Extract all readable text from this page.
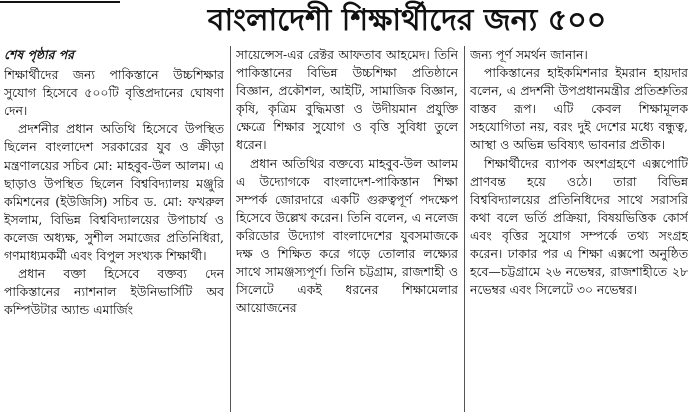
বাংলাদেশী শিক্ষার্থীদের জন্য ৫০০
শেষ পৃষ্ঠার পর
শিক্ষার্থীদের জন্য পাকিস্তানে উচ্চশিক্ষার সুযোগ হিসেবে ৫০০টি বৃত্তিপ্রদানের ঘোষণা দেন।
প্রদর্শনীর প্রধান অতিথি হিসেবে উপস্থিত ছিলেন বাংলাদেশ সরকারের যুব ও ক্রীড়া মন্ত্রণালয়ের সচিব মো: মাহবুব-উল আলম। এ ছাড়াও উপস্থিত ছিলেন বিশ্ববিদ্যালয় মঞ্জুরি কমিশনের (ইউজিসি) সচিব ড. মো: ফখরুল ইসলাম, বিভিন্ন বিশ্ববিদ্যালয়ের উপাচার্য ও কলেজ অধ্যক্ষ, সুশীল সমাজের প্রতিনিধিরা, গণমাধ্যমকর্মী এবং বিপুল সংখ্যক শিক্ষার্থী।
প্রধান বক্তা হিসেবে বক্তব্য দেন পাকিস্তানের ন্যাশনাল ইউনিভার্সিটি অব কম্পিউটার অ্যান্ড এমার্জিং
সায়েন্সেস-এর রেক্টর আফতাব আহমেদ। তিনি পাকিস্তানের বিভিন্ন উচ্চশিক্ষা প্রতিষ্ঠানে বিজ্ঞান, প্রকৌশল, আইটি, সামাজিক বিজ্ঞান, কৃষি, কৃত্রিম বুদ্ধিমত্তা ও উদীয়মান প্রযুক্তি ক্ষেত্রে শিক্ষার সুযোগ ও বৃত্তি সুবিধা তুলে ধরেন।
প্রধান অতিথির বক্তব্যে মাহবুব-উল আলম এ উদ্যোগকে বাংলাদেশ-পাকিস্তান শিক্ষা সম্পর্ক জোরদারে একটি গুরুত্বপূর্ণ পদক্ষেপ হিসেবে উল্লেখ করেন। তিনি বলেন, এ নলেজ করিডোর উদ্যোগ বাংলাদেশের যুবসমাজকে দক্ষ ও শিক্ষিত করে গড়ে তোলার লক্ষ্যের সাথে সামঞ্জস্যপূর্ণ। তিনি চট্টগ্রাম, রাজশাহী ও সিলেটে একই ধরনের শিক্ষামেলার আয়োজনের
জন্য পূর্ণ সমর্থন জানান।
পাকিস্তানের হাইকমিশনার ইমরান হায়দার বলেন, এ প্রদর্শনী উপপ্রধানমন্ত্রীর প্রতিশ্রুতির বাস্তব রূপ। এটি কেবল শিক্ষামূলক সহযোগিতা নয়, বরং দুই দেশের মধ্যে বন্ধুত্ব, আস্থা ও অভিন্ন ভবিষ্যৎ ভাবনার প্রতীক।
শিক্ষার্থীদের ব্যাপক অংশগ্রহণে এক্সপোটি প্রাণবন্ত হয়ে ওঠে। তারা বিভিন্ন বিশ্ববিদ্যালয়ের প্রতিনিধিদের সাথে সরাসরি কথা বলে ভর্তি প্রক্রিয়া, বিষয়ভিত্তিক কোর্স এবং বৃত্তির সুযোগ সম্পর্কে তথ্য সংগ্রহ করেন। ঢাকার পর এ শিক্ষা এক্সপো অনুষ্ঠিত হবে—চট্টগ্রামে ২৬ নভেম্বর, রাজশাহীতে ২৮ নভেম্বর এবং সিলেটে ৩০ নভেম্বর।
